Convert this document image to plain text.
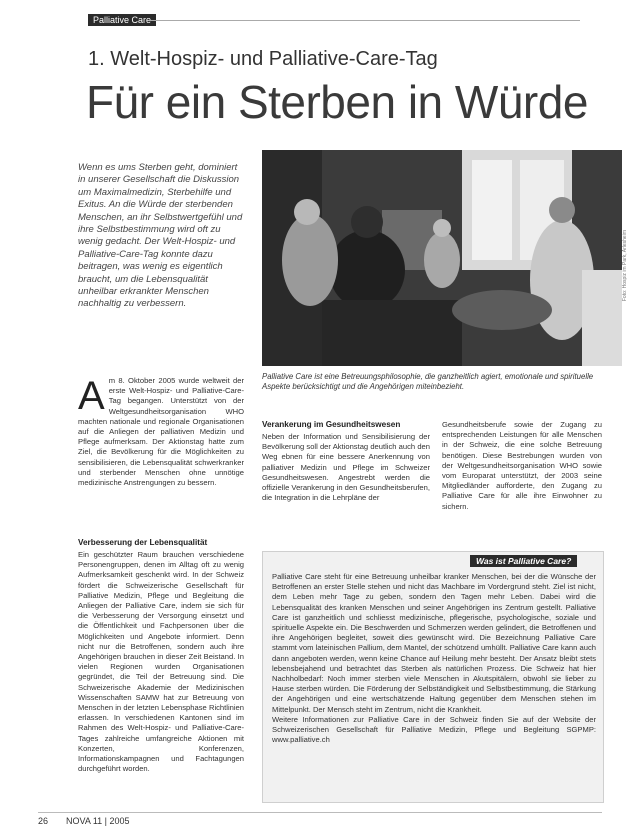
Palliative Care
1. Welt-Hospiz- und Palliative-Care-Tag
Für ein Sterben in Würde

Wenn es ums Sterben geht, dominiert in unserer Gesellschaft die Diskussion um Maximalmedizin, Sterbehilfe und Exitus. An die Würde der sterbenden Menschen, an ihr Selbstwertgefühl und ihre Selbstbestimmung wird oft zu wenig gedacht. Der Welt-Hospiz- und Palliative-Care-Tag konnte dazu beitragen, was wenig es eigentlich braucht, um die Lebensqualität unheilbar erkrankter Menschen nachhaltig zu verbessern.

Foto: Hospiz im Park, Arlesheim

Palliative Care ist eine Betreuungsphilosophie, die ganzheitlich agiert, emotionale und spirituelle Aspekte berücksichtigt und die Angehörigen miteinbezieht.

Am 8. Oktober 2005 wurde weltweit der erste Welt-Hospiz- und Palliative-Care-Tag begangen. Unterstützt von der Weltgesundheitsorganisation WHO machten nationale und regionale Organisationen auf die Anliegen der palliativen Medizin und Pflege aufmerksam. Der Aktionstag hatte zum Ziel, die Bevölkerung für die Möglichkeiten zu sensibilisieren, die Lebensqualität schwerkranker und sterbender Menschen ohne unnötige medizinische Anstrengungen zu bessern.
Verbesserung der Lebensqualität

Ein geschützter Raum brauchen verschiedene Personengruppen, denen im Alltag oft zu wenig Aufmerksamkeit geschenkt wird. In der Schweiz fördert die Schweizerische Gesellschaft für Palliative Medizin, Pflege und Begleitung die Anliegen der Palliative Care, indem sie sich für die Verbesserung der Versorgung einsetzt und die Öffentlichkeit und Fachpersonen über die Möglichkeiten und Angebote informiert. Denn nicht nur die Betroffenen, sondern auch ihre Angehörigen brauchen in dieser Zeit Beistand. In vielen Regionen wurden Organisationen gegründet, die Teil der Betreuung sind. Die Schweizerische Akademie der Medizinischen Wissenschaften SAMW hat zur Betreuung von Menschen in der letzten Lebensphase Richtlinien erlassen. In verschiedenen Kantonen sind im Rahmen des Welt-Hospiz- und Palliative-Care-Tages zahlreiche umfangreiche Aktionen mit Konzerten, Konferenzen, Informationskampagnen und Fachtagungen durchgeführt worden.

Verankerung im Gesundheitswesen

Neben der Information und Sensibilisierung der Bevölkerung soll der Aktionstag deutlich auch den Weg ebnen für eine bessere Anerkennung von palliativer Medizin und Pflege im Schweizer Gesundheitswesen. Angestrebt werden die offizielle Verankerung in den Gesundheitsberufen, die Integration in die Lehrpläne der

Gesundheitsberufe sowie der Zugang zu entsprechenden Leistungen für alle Menschen in der Schweiz, die eine solche Betreuung benötigen. Diese Bestrebungen wurden von der Weltgesundheitsorganisation WHO sowie vom Europarat unterstützt, der 2003 seine Mitgliedländer aufforderte, den Zugang zu Palliative Care für alle ihre Einwohner zu sichern.

Was ist Palliative Care?
Palliative Care steht für eine Betreuung unheilbar kranker Menschen, bei der die Wünsche der Betroffenen an erster Stelle stehen und nicht das Machbare im Vordergrund steht. Ziel ist nicht, dem Leben mehr Tage zu geben, sondern den Tagen mehr Leben. Dabei wird die Lebensqualität des kranken Menschen und seiner Angehörigen ins Zentrum gestellt. Palliative Care ist ganzheitlich und schliesst medizinische, pflegerische, psychologische, soziale und spirituelle Aspekte ein. Die Beschwerden und Schmerzen werden gelindert, die Betroffenen und ihre Angehörigen begleitet, soweit dies gewünscht wird. Die Bezeichnung Palliative Care stammt vom lateinischen Pallium, dem Mantel, der schützend umhüllt. Palliative Care kann auch dann angeboten werden, wenn keine Chance auf Heilung mehr besteht. Der Ansatz bleibt stets lebensbejahend und betrachtet das Sterben als natürlichen Prozess. Die Schweiz hat hier Nachholbedarf: Noch immer sterben viele Menschen in Akutspitälern, obwohl sie lieber zu Hause sterben würden. Die Förderung der Selbständigkeit und Selbstbestimmung, die Stärkung der Angehörigen und eine wertschätzende Haltung gegenüber dem Menschen stehen im Mittelpunkt. Der Mensch steht im Zentrum, nicht die Krankheit.
Weitere Informationen zur Palliative Care in der Schweiz finden Sie auf der Website der Schweizerischen Gesellschaft für Palliative Medizin, Pflege und Begleitung SGPMP: www.palliative.ch
26 NOVA 11 | 2005
